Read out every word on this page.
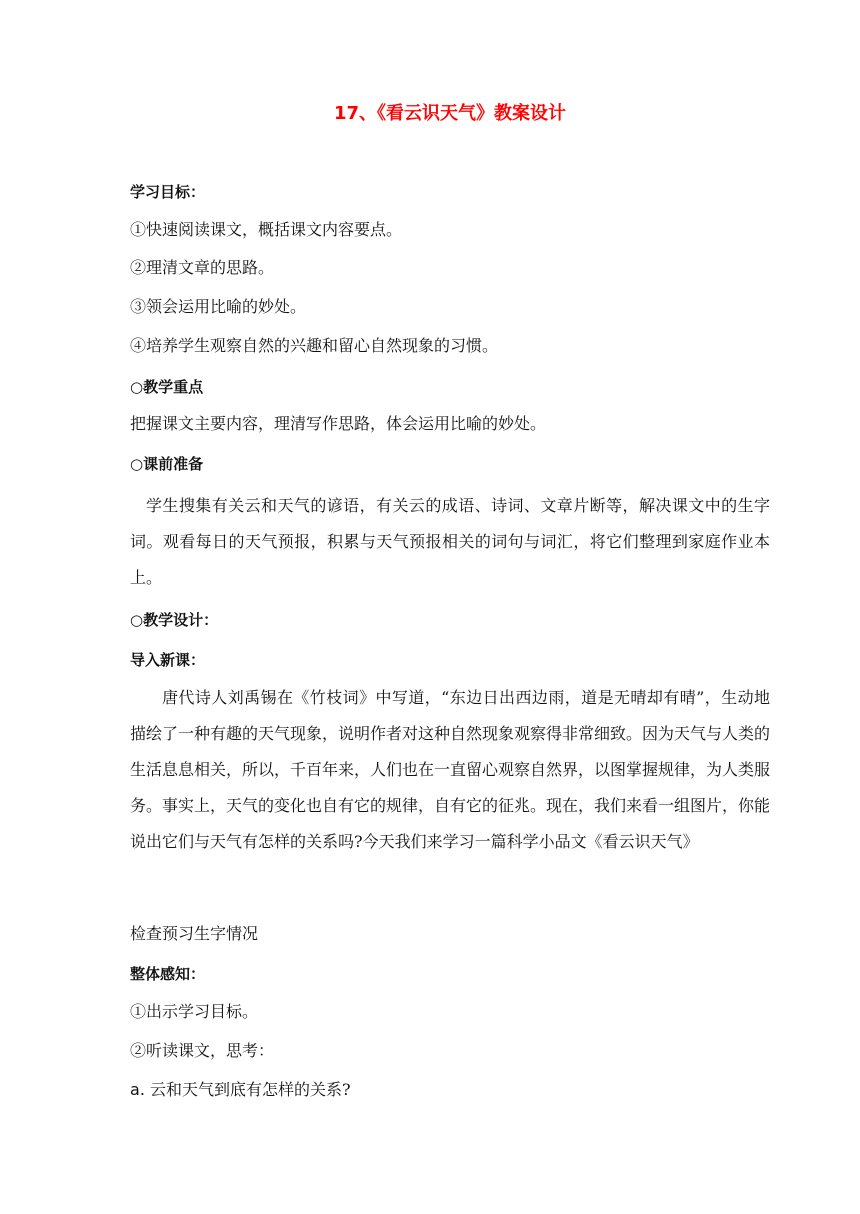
17、《看云识天气》教案设计
学习目标：
①快速阅读课文，概括课文内容要点。
②理清文章的思路。
③领会运用比喻的妙处。
④培养学生观察自然的兴趣和留心自然现象的习惯。
○教学重点
把握课文主要内容，理清写作思路，体会运用比喻的妙处。
○课前准备
学生搜集有关云和天气的谚语，有关云的成语、诗词、文章片断等，解决课文中的生字词。观看每日的天气预报，积累与天气预报相关的词句与词汇，将它们整理到家庭作业本上。
○教学设计：
导入新课：
唐代诗人刘禹锡在《竹枝词》中写道，“东边日出西边雨，道是无晴却有晴”，生动地描绘了一种有趣的天气现象，说明作者对这种自然现象观察得非常细致。因为天气与人类的生活息息相关，所以，千百年来，人们也在一直留心观察自然界，以图掌握规律，为人类服务。事实上，天气的变化也自有它的规律，自有它的征兆。现在，我们来看一组图片，你能说出它们与天气有怎样的关系吗?今天我们来学习一篇科学小品文《看云识天气》
检查预习生字情况
整体感知：
①出示学习目标。
②听读课文，思考：
a. 云和天气到底有怎样的关系?
